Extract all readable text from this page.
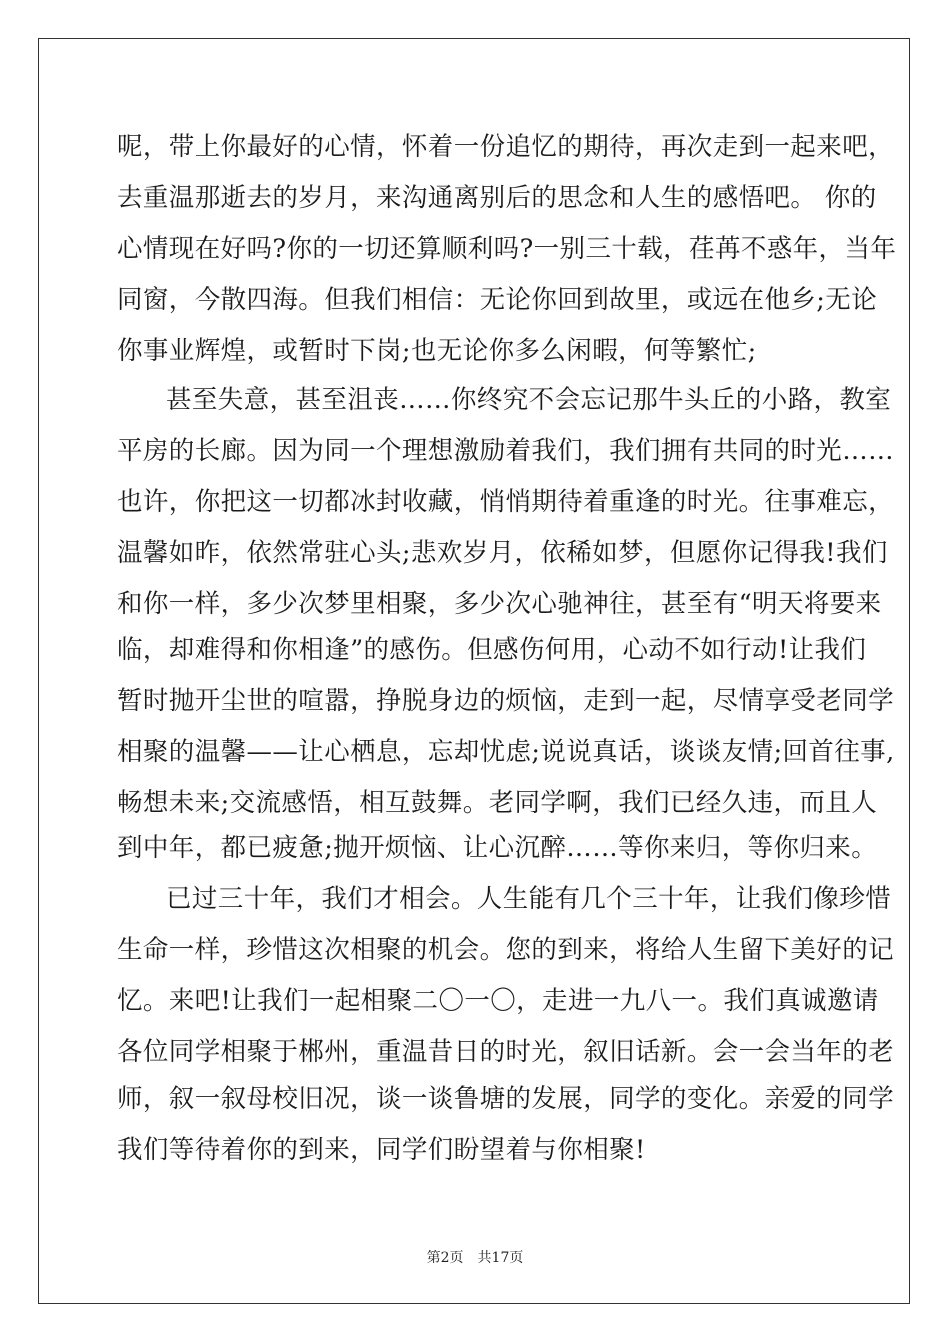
呢，带上你最好的心情，怀着一份追忆的期待，再次走到一起来吧，
去重温那逝去的岁月，来沟通离别后的思念和人生的感悟吧。 你的
心情现在好吗?你的一切还算顺利吗?一别三十载，荏苒不惑年，当年
同窗，今散四海。但我们相信：无论你回到故里，或远在他乡;无论
你事业辉煌，或暂时下岗;也无论你多么闲暇，何等繁忙;
甚至失意，甚至沮丧……你终究不会忘记那牛头丘的小路，教室
平房的长廊。因为同一个理想激励着我们，我们拥有共同的时光……
也许，你把这一切都冰封收藏，悄悄期待着重逢的时光。往事难忘，
温馨如昨，依然常驻心头;悲欢岁月，依稀如梦，但愿你记得我!我们
和你一样，多少次梦里相聚，多少次心驰神往，甚至有“明天将要来
临，却难得和你相逢”的感伤。但感伤何用，心动不如行动!让我们
暂时抛开尘世的喧嚣，挣脱身边的烦恼，走到一起，尽情享受老同学
相聚的温馨——让心栖息，忘却忧虑;说说真话，谈谈友情;回首往事,
畅想未来;交流感悟，相互鼓舞。老同学啊，我们已经久违，而且人
到中年，都已疲惫;抛开烦恼、让心沉醉……等你来归，等你归来。
已过三十年，我们才相会。人生能有几个三十年，让我们像珍惜
生命一样，珍惜这次相聚的机会。您的到来，将给人生留下美好的记
忆。来吧!让我们一起相聚二〇一〇，走进一九八一。我们真诚邀请
各位同学相聚于郴州，重温昔日的时光，叙旧话新。会一会当年的老
师，叙一叙母校旧况，谈一谈鲁塘的发展，同学的变化。亲爱的同学
我们等待着你的到来，同学们盼望着与你相聚!
第2页 共17页
